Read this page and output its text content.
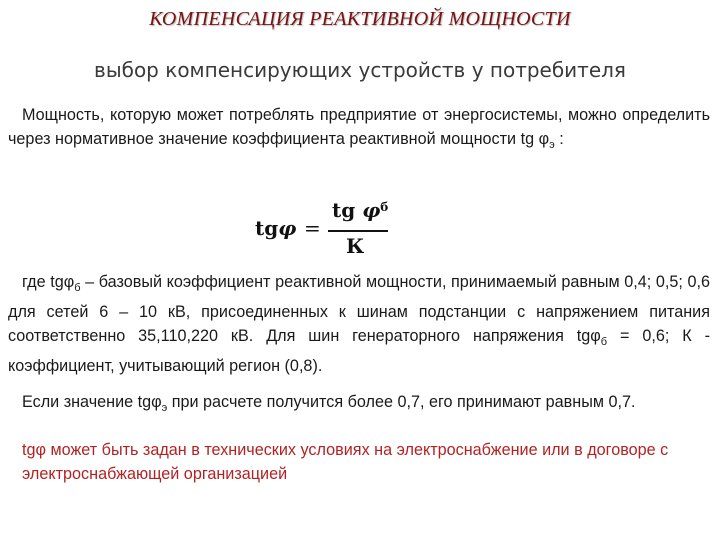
КОМПЕНСАЦИЯ РЕАКТИВНОЙ МОЩНОСТИ
выбор компенсирующих устройств у потребителя
Мощность, которую может потреблять предприятие от энергосистемы, можно определить через нормативное значение коэффициента реактивной мощности tg $\varphi_э$ :
tgφ =
tg $\varphi^б$
К
где tgφ$_б$ – базовый коэффициент реактивной мощности, принимаемый равным 0,4; 0,5; 0,6 для сетей 6 – 10 кВ, присоединенных к шинам подстанции с напряжением питания соответственно 35,110,220 кВ. Для шин генераторного напряжения tgφ$_б$ = 0,6; К - коэффициент, учитывающий регион (0,8).
Если значение tgφ$_э$ при расчете получится более 0,7, его принимают равным 0,7.
tgφ может быть задан в технических условиях на электроснабжение или в договоре с электроснабжающей организацией
